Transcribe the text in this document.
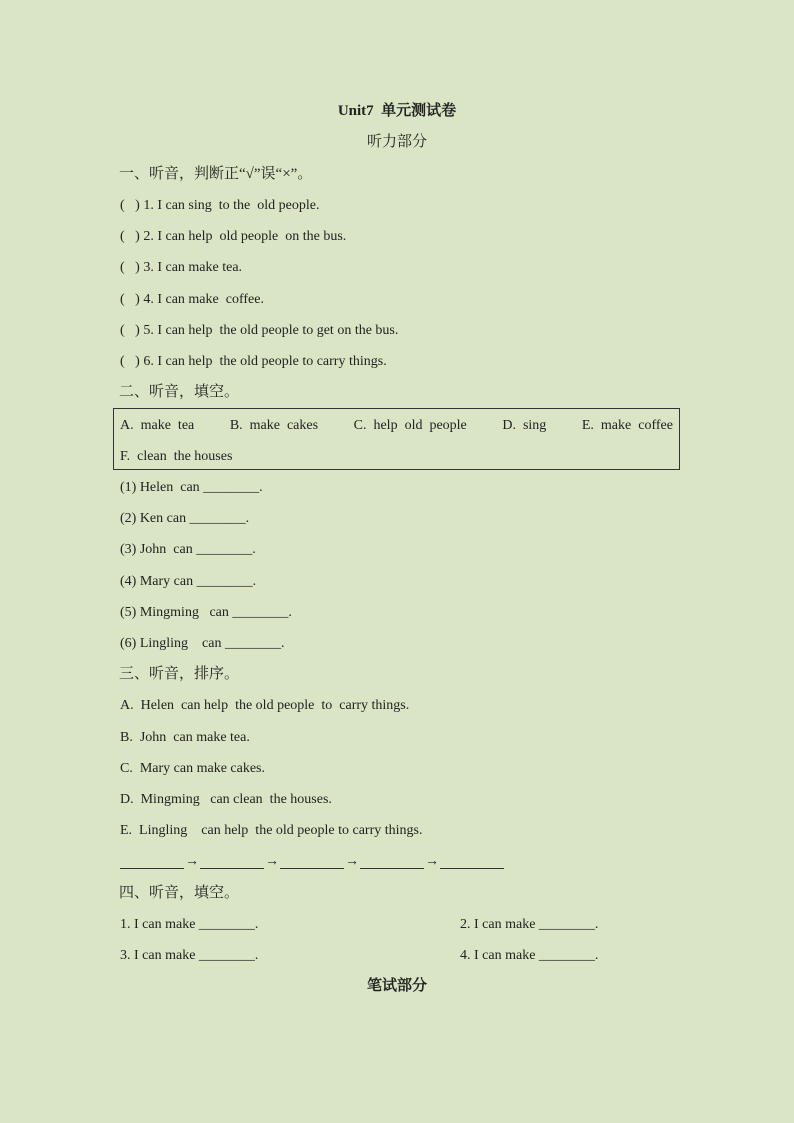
Unit7  单元测试卷
听力部分
一、听音，判断正“√”误“×”。
(   ) 1. I can sing  to the  old people.
(   ) 2. I can help  old people  on the bus.
(   ) 3. I can make tea.
(   ) 4. I can make  coffee.
(   ) 5. I can help  the old people to get on the bus.
(   ) 6. I can help  the old people to carry things.
二、听音，填空。
A.  make  tea	B.  make  cakes	C.  help  old  people	D.  sing	E.  make  coffee
F.  clean  the houses
(1) Helen  can ________.
(2) Ken can ________.
(3) John  can ________.
(4) Mary can ________.
(5) Mingming   can ________.
(6) Lingling    can ________.
三、听音，排序。
A.  Helen  can help  the old people  to  carry things.
B.  John  can make tea.
C.  Mary can make cakes.
D.  Mingming   can clean  the houses.
E.  Lingling    can help  the old people to carry things.
→	→	→	→
四、听音，填空。
1. I can make ________.	2. I can make ________.
3. I can make ________.	4. I can make ________.
笔试部分
